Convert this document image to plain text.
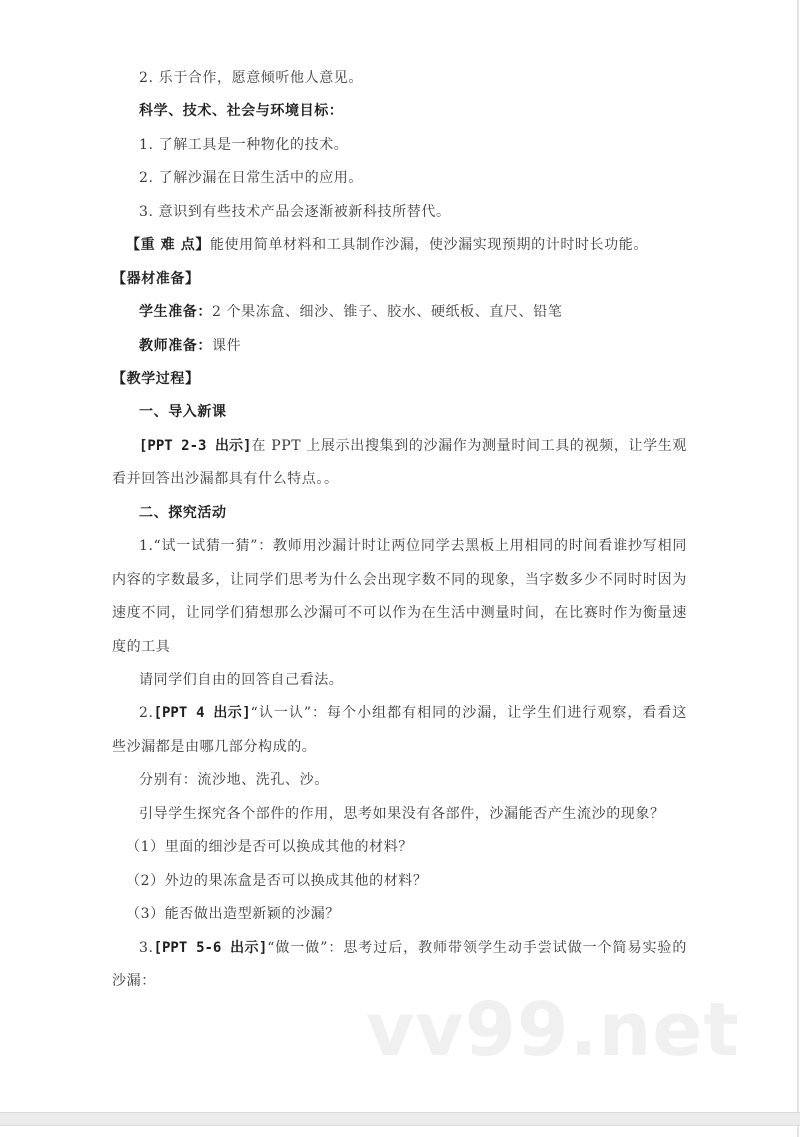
2. 乐于合作，愿意倾听他人意见。
科学、技术、社会与环境目标：
1. 了解工具是一种物化的技术。
2. 了解沙漏在日常生活中的应用。
3. 意识到有些技术产品会逐渐被新科技所替代。
【重 难 点】能使用简单材料和工具制作沙漏，使沙漏实现预期的计时时长功能。
【器材准备】
学生准备：2 个果冻盒、细沙、锥子、胶水、硬纸板、直尺、铅笔
教师准备：课件
【教学过程】
一、导入新课
[PPT 2-3 出示]在 PPT 上展示出搜集到的沙漏作为测量时间工具的视频，让学生观看并回答出沙漏都具有什么特点。。
二、探究活动
1.“试一试猜一猜”：教师用沙漏计时让两位同学去黑板上用相同的时间看谁抄写相同内容的字数最多，让同学们思考为什么会出现字数不同的现象，当字数多少不同时时因为速度不同，让同学们猜想那么沙漏可不可以作为在生活中测量时间，在比赛时作为衡量速度的工具
请同学们自由的回答自己看法。
2.[PPT 4 出示]“认一认”：每个小组都有相同的沙漏，让学生们进行观察，看看这些沙漏都是由哪几部分构成的。
分别有：流沙地、洗孔、沙。
引导学生探究各个部件的作用，思考如果没有各部件，沙漏能否产生流沙的现象？
（1）里面的细沙是否可以换成其他的材料？
（2）外边的果冻盒是否可以换成其他的材料？
（3）能否做出造型新颖的沙漏？
3.[PPT 5-6 出示]“做一做”：思考过后，教师带领学生动手尝试做一个简易实验的沙漏：
vv99.net
